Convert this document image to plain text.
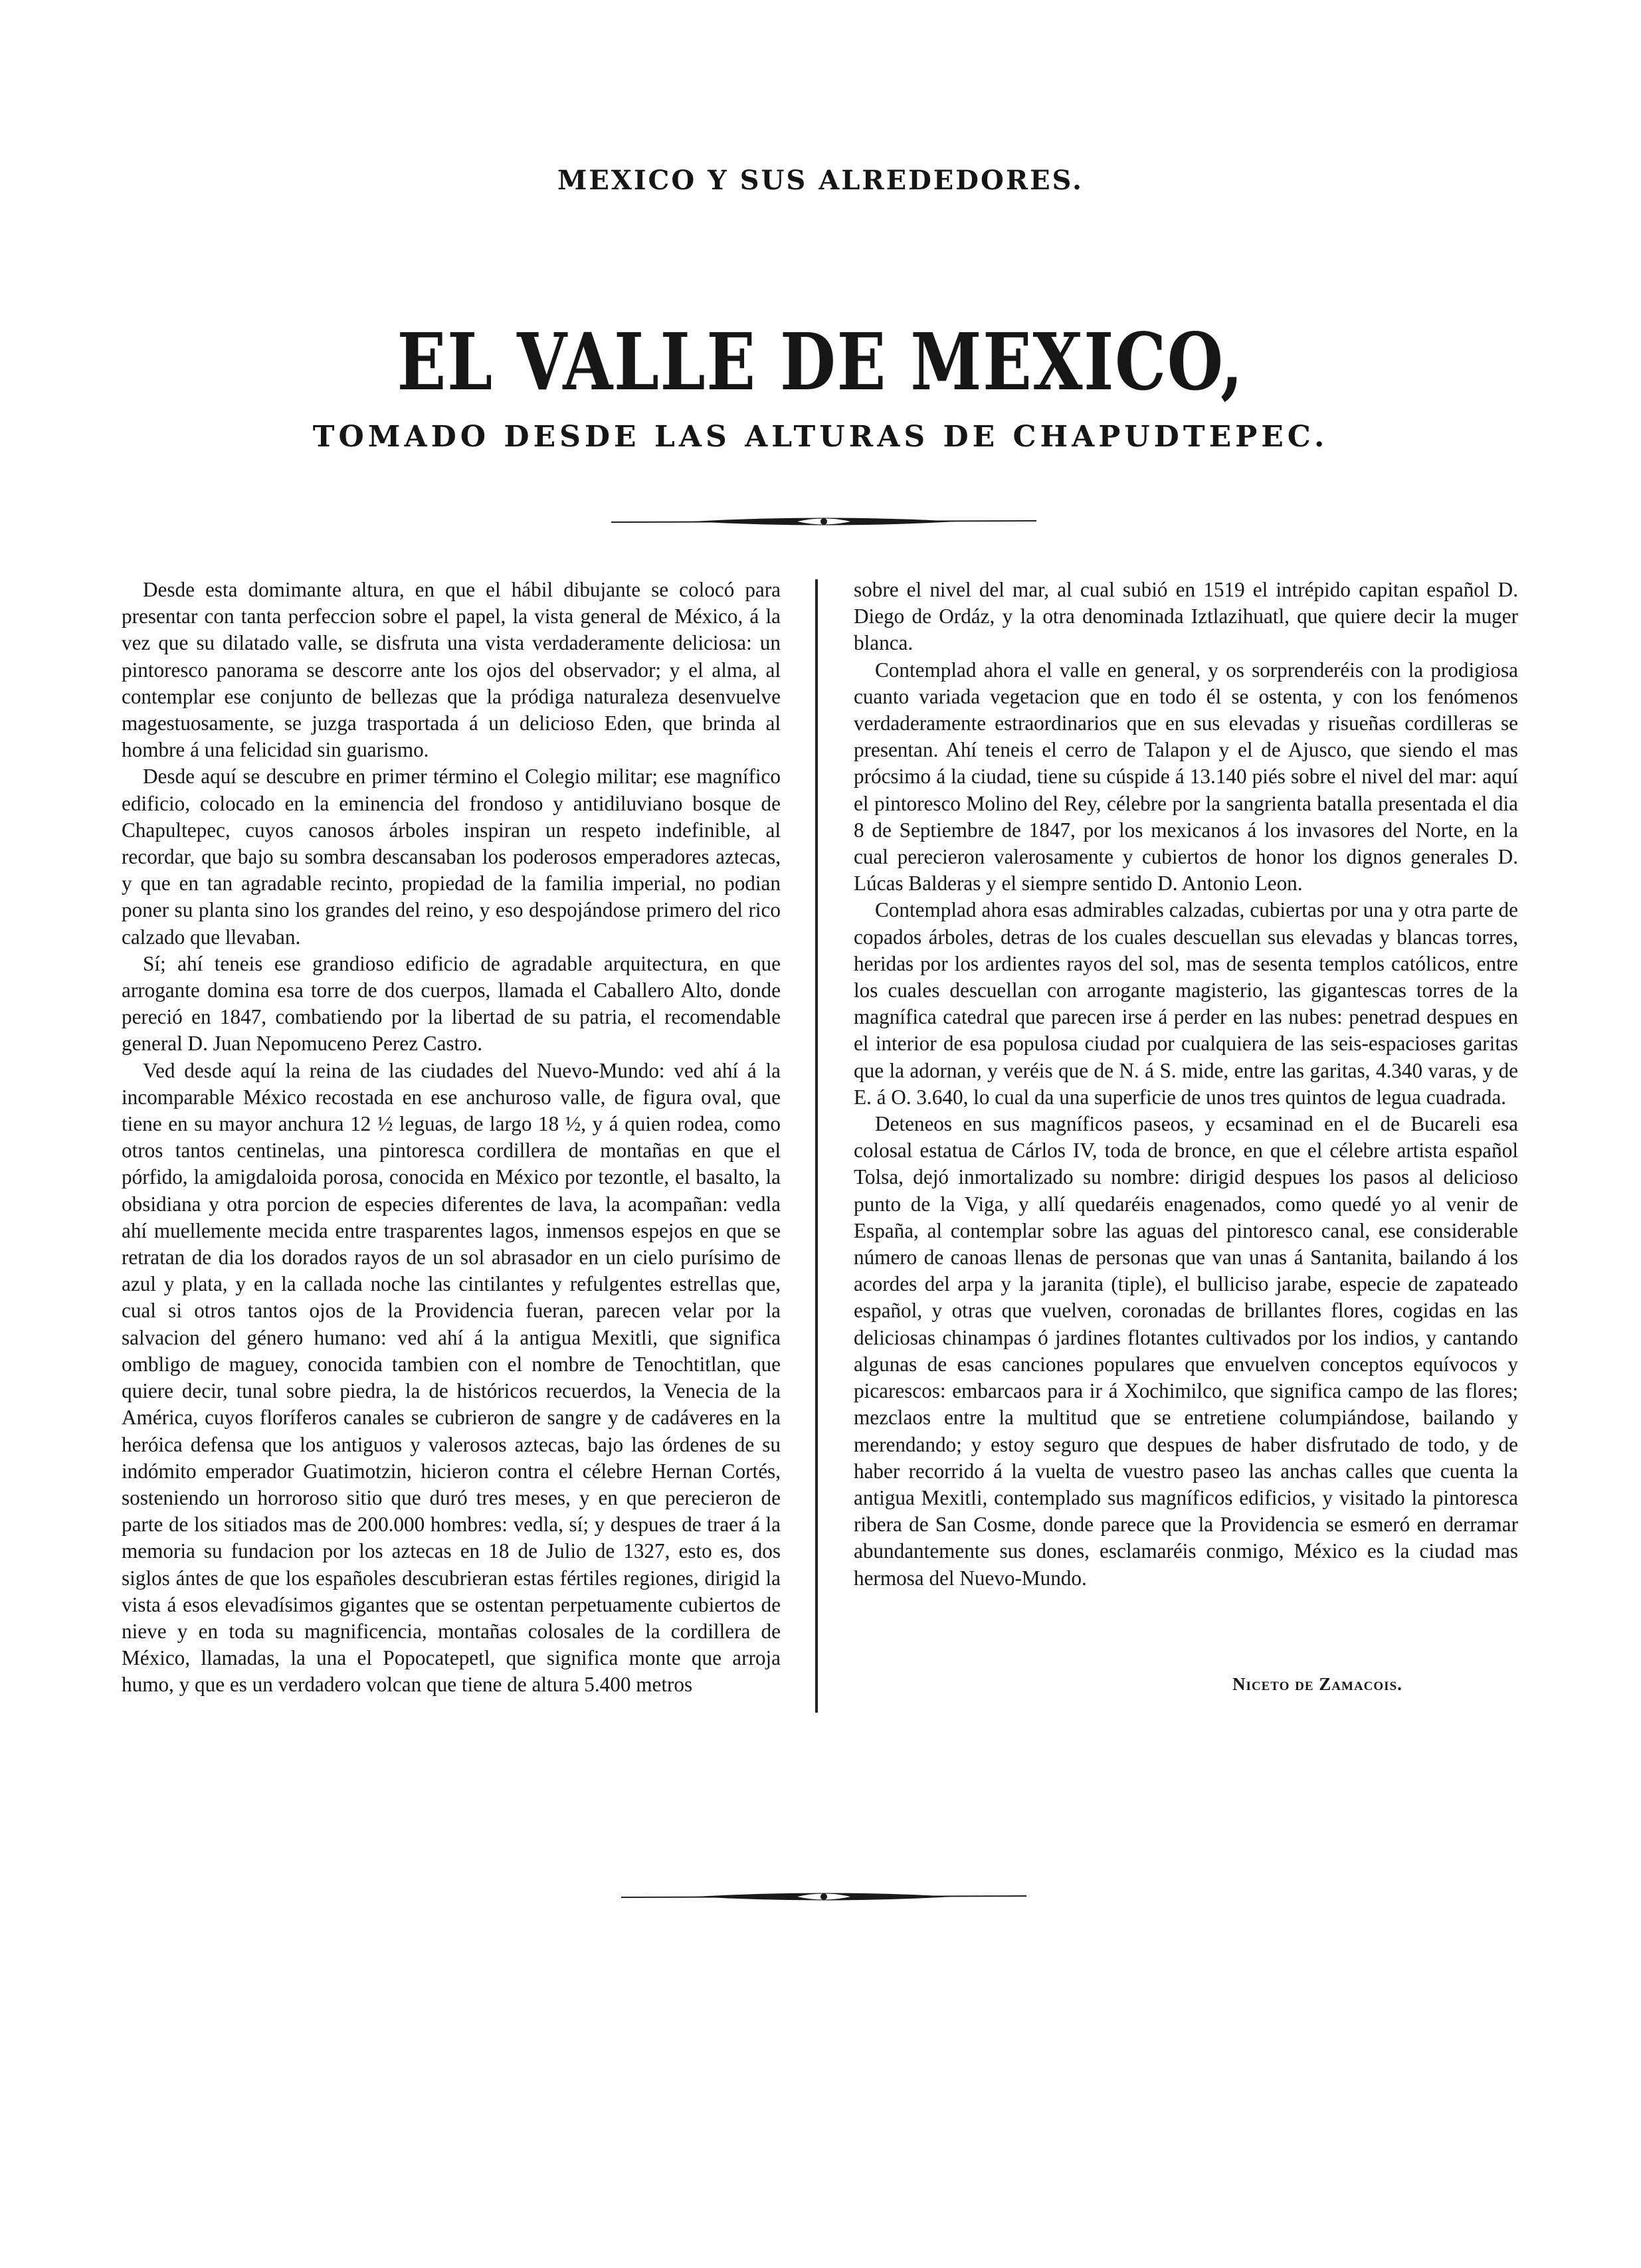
MEXICO Y SUS ALREDEDORES.
EL VALLE DE MEXICO,
TOMADO DESDE LAS ALTURAS DE CHAPUDTEPEC.

Desde esta domimante altura, en que el hábil dibujante se colocó para presentar con tanta perfeccion sobre el papel, la vista general de México, á la vez que su dilatado valle, se disfruta una vista verdaderamente deliciosa: un pintoresco panorama se descorre ante los ojos del observador; y el alma, al contemplar ese conjunto de bellezas que la pródiga naturaleza desenvuelve magestuosamente, se juzga trasportada á un delicioso Eden, que brinda al hombre á una felicidad sin guarismo.

Desde aquí se descubre en primer término el Colegio militar; ese magnífico edificio, colocado en la eminencia del frondoso y antidiluviano bosque de Chapultepec, cuyos canosos árboles inspiran un respeto indefinible, al recordar, que bajo su sombra descansaban los poderosos emperadores aztecas, y que en tan agradable recinto, propiedad de la familia imperial, no podian poner su planta sino los grandes del reino, y eso despojándose primero del rico calzado que llevaban.

Sí; ahí teneis ese grandioso edificio de agradable arquitectura, en que arrogante domina esa torre de dos cuerpos, llamada el Caballero Alto, donde pereció en 1847, combatiendo por la libertad de su patria, el recomendable general D. Juan Nepomuceno Perez Castro.

Ved desde aquí la reina de las ciudades del Nuevo-Mundo: ved ahí á la incomparable México recostada en ese anchuroso valle, de figura oval, que tiene en su mayor anchura 12 ½ leguas, de largo 18 ½, y á quien rodea, como otros tantos centinelas, una pintoresca cordillera de montañas en que el pórfido, la amigdaloida porosa, conocida en México por tezontle, el basalto, la obsidiana y otra porcion de especies diferentes de lava, la acompañan: vedla ahí muellemente mecida entre trasparentes lagos, inmensos espejos en que se retratan de dia los dorados rayos de un sol abrasador en un cielo purísimo de azul y plata, y en la callada noche las cintilantes y refulgentes estrellas que, cual si otros tantos ojos de la Providencia fueran, parecen velar por la salvacion del género humano: ved ahí á la antigua Mexitli, que significa ombligo de maguey, conocida tambien con el nombre de Tenochtitlan, que quiere decir, tunal sobre piedra, la de históricos recuerdos, la Venecia de la América, cuyos floríferos canales se cubrieron de sangre y de cadáveres en la heróica defensa que los antiguos y valerosos aztecas, bajo las órdenes de su indómito emperador Guatimotzin, hicieron contra el célebre Hernan Cortés, sosteniendo un horroroso sitio que duró tres meses, y en que perecieron de parte de los sitiados mas de 200.000 hombres: vedla, sí; y despues de traer á la memoria su fundacion por los aztecas en 18 de Julio de 1327, esto es, dos siglos ántes de que los españoles descubrieran estas fértiles regiones, dirigid la vista á esos elevadísimos gigantes que se ostentan perpetuamente cubiertos de nieve y en toda su magnificencia, montañas colosales de la cordillera de México, llamadas, la una el Popocatepetl, que significa monte que arroja humo, y que es un verdadero volcan que tiene de altura 5.400 metros

sobre el nivel del mar, al cual subió en 1519 el intrépido capitan español D. Diego de Ordáz, y la otra denominada Iztlazihuatl, que quiere decir la muger blanca.

Contemplad ahora el valle en general, y os sorprenderéis con la prodigiosa cuanto variada vegetacion que en todo él se ostenta, y con los fenómenos verdaderamente estraordinarios que en sus elevadas y risueñas cordilleras se presentan. Ahí teneis el cerro de Talapon y el de Ajusco, que siendo el mas prócsimo á la ciudad, tiene su cúspide á 13.140 piés sobre el nivel del mar: aquí el pintoresco Molino del Rey, célebre por la sangrienta batalla presentada el dia 8 de Septiembre de 1847, por los mexicanos á los invasores del Norte, en la cual perecieron valerosamente y cubiertos de honor los dignos generales D. Lúcas Balderas y el siempre sentido D. Antonio Leon.

Contemplad ahora esas admirables calzadas, cubiertas por una y otra parte de copados árboles, detras de los cuales descuellan sus elevadas y blancas torres, heridas por los ardientes rayos del sol, mas de sesenta templos católicos, entre los cuales descuellan con arrogante magisterio, las gigantescas torres de la magnífica catedral que parecen irse á perder en las nubes: penetrad despues en el interior de esa populosa ciudad por cualquiera de las seis-espacioses garitas que la adornan, y veréis que de N. á S. mide, entre las garitas, 4.340 varas, y de E. á O. 3.640, lo cual da una superficie de unos tres quintos de legua cuadrada.

Deteneos en sus magníficos paseos, y ecsaminad en el de Bucareli esa colosal estatua de Cárlos IV, toda de bronce, en que el célebre artista español Tolsa, dejó inmortalizado su nombre: dirigid despues los pasos al delicioso punto de la Viga, y allí quedaréis enagenados, como quedé yo al venir de España, al contemplar sobre las aguas del pintoresco canal, ese considerable número de canoas llenas de personas que van unas á Santanita, bailando á los acordes del arpa y la jaranita (tiple), el bulliciso jarabe, especie de zapateado español, y otras que vuelven, coronadas de brillantes flores, cogidas en las deliciosas chinampas ó jardines flotantes cultivados por los indios, y cantando algunas de esas canciones populares que envuelven conceptos equívocos y picarescos: embarcaos para ir á Xochimilco, que significa campo de las flores; mezclaos entre la multitud que se entretiene columpiándose, bailando y merendando; y estoy seguro que despues de haber disfrutado de todo, y de haber recorrido á la vuelta de vuestro paseo las anchas calles que cuenta la antigua Mexitli, contemplado sus magníficos edificios, y visitado la pintoresca ribera de San Cosme, donde parece que la Providencia se esmeró en derramar abundantemente sus dones, esclamaréis conmigo, México es la ciudad mas hermosa del Nuevo-Mundo.

Niceto de Zamacois.
